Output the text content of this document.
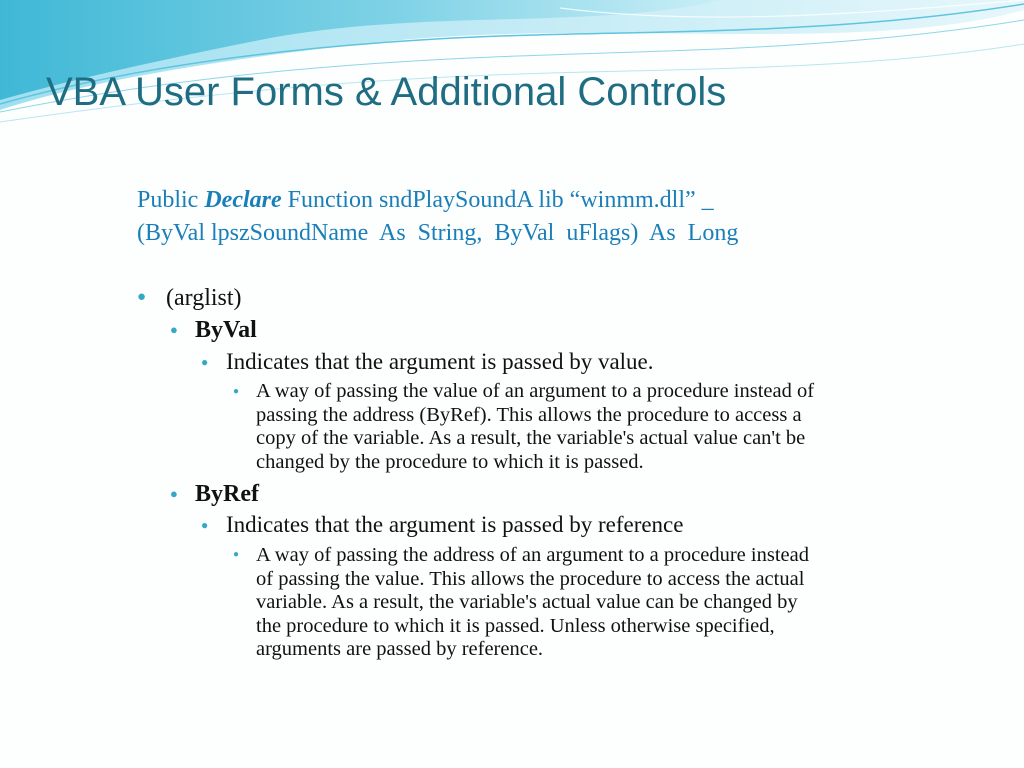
VBA User Forms & Additional Controls
Public Declare Function sndPlaySoundA lib “winmm.dll” _
(ByVal lpszSoundName  As  String,  ByVal  uFlags)  As  Long
● (arglist)
● ByVal
● Indicates that the argument is passed by value.
● A way of passing the value of an argument to a procedure instead of
passing the address (ByRef). This allows the procedure to access a
copy of the variable. As a result, the variable's actual value can't be
changed by the procedure to which it is passed.
● ByRef
● Indicates that the argument is passed by reference
● A way of passing the address of an argument to a procedure instead
of passing the value. This allows the procedure to access the actual
variable. As a result, the variable's actual value can be changed by
the procedure to which it is passed. Unless otherwise specified,
arguments are passed by reference.
